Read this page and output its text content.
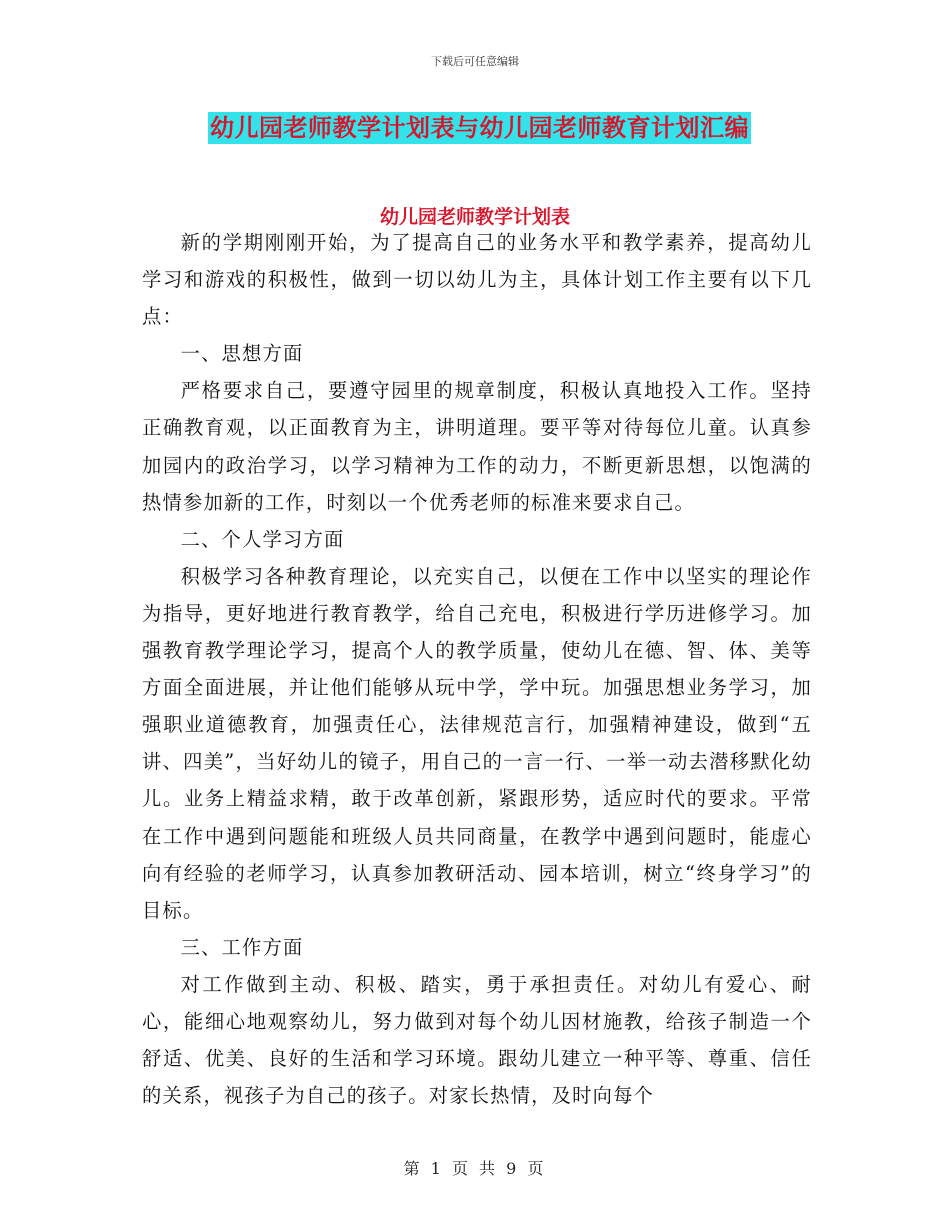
下载后可任意编辑
幼儿园老师教学计划表与幼儿园老师教育计划汇编
幼儿园老师教学计划表

新的学期刚刚开始，为了提高自己的业务水平和教学素养，提高幼儿学习和游戏的积极性，做到一切以幼儿为主，具体计划工作主要有以下几点：

一、思想方面

严格要求自己，要遵守园里的规章制度，积极认真地投入工作。坚持正确教育观，以正面教育为主，讲明道理。要平等对待每位儿童。认真参加园内的政治学习，以学习精神为工作的动力，不断更新思想，以饱满的热情参加新的工作，时刻以一个优秀老师的标准来要求自己。

二、个人学习方面

积极学习各种教育理论，以充实自己，以便在工作中以坚实的理论作为指导，更好地进行教育教学，给自己充电，积极进行学历进修学习。加强教育教学理论学习，提高个人的教学质量，使幼儿在德、智、体、美等方面全面进展，并让他们能够从玩中学，学中玩。加强思想业务学习，加强职业道德教育，加强责任心，法律规范言行，加强精神建设，做到“五讲、四美”，当好幼儿的镜子，用自己的一言一行、一举一动去潜移默化幼儿。业务上精益求精，敢于改革创新，紧跟形势，适应时代的要求。平常在工作中遇到问题能和班级人员共同商量，在教学中遇到问题时，能虚心向有经验的老师学习，认真参加教研活动、园本培训，树立“终身学习”的目标。

三、工作方面

对工作做到主动、积极、踏实，勇于承担责任。对幼儿有爱心、耐心，能细心地观察幼儿，努力做到对每个幼儿因材施教，给孩子制造一个舒适、优美、良好的生活和学习环境。跟幼儿建立一种平等、尊重、信任的关系，视孩子为自己的孩子。对家长热情，及时向每个

第 1 页 共 9 页
